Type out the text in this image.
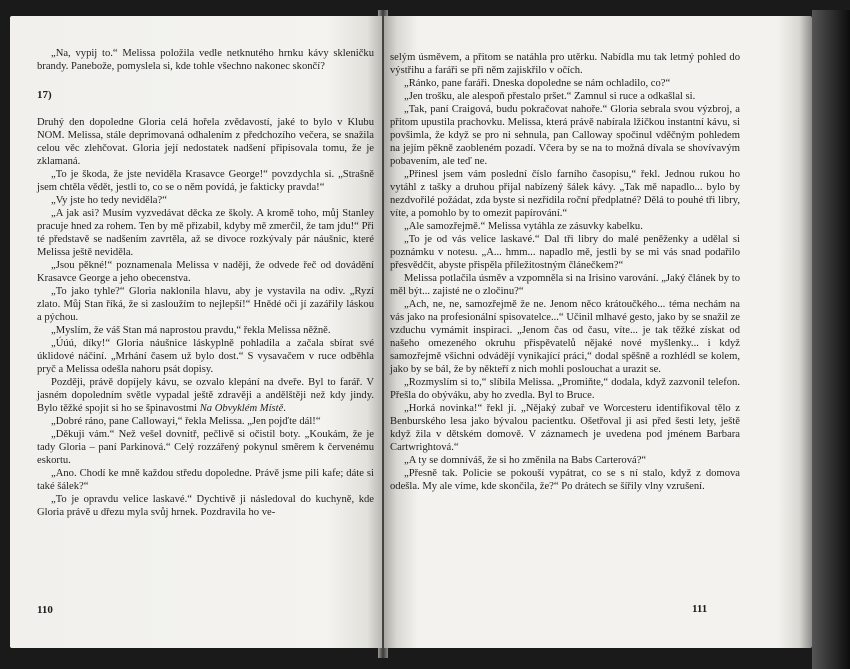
„Na, vypij to.“ Melissa položila vedle netknutého hrnku kávy skleničku brandy. Panebože, pomyslela si, kde tohle všechno nakonec skončí?

17)

Druhý den dopoledne Gloria celá hořela zvědavostí, jaké to bylo v Klubu NOM. Melissa, stále deprimovaná odhalením z předchozího večera, se snažila celou věc zlehčovat. Gloria její nedostatek nadšení připisovala tomu, že je zklamaná.

„To je škoda, že jste neviděla Krasavce George!“ povzdychla si. „Strašně jsem chtěla vědět, jestli to, co se o něm povídá, je fakticky pravda!“

„Vy jste ho tedy neviděla?“

„A jak asi? Musím vyzvedávat děcka ze školy. A kromě toho, můj Stanley pracuje hned za rohem. Ten by mě přizabil, kdyby mě zmerčil, že tam jdu!“ Při té představě se nadšením zavrtěla, až se divoce rozkývaly pár náušnic, které Melissa ještě neviděla.

„Jsou pěkné!“ poznamenala Melissa v naději, že odvede řeč od dovádění Krasavce George a jeho obecenstva.

„To jako tyhle?“ Gloria naklonila hlavu, aby je vystavila na odiv. „Ryzí zlato. Můj Stan říká, že si zasloužím to nejlepší!“ Hnědé oči jí zazářily láskou a pýchou.

„Myslím, že váš Stan má naprostou pravdu,“ řekla Melissa něžně.

„Úúú, díky!“ Gloria náušnice láskyplně pohladila a začala sbírat své úklidové náčiní. „Mrhání časem už bylo dost.“ S vysavačem v ruce odběhla pryč a Melissa odešla nahoru psát dopisy.

Později, právě dopíjely kávu, se ozvalo klepání na dveře. Byl to farář. V jasném dopoledním světle vypadal ještě zdravěji a andělštěji než kdy jindy. Bylo těžké spojit si ho se špinavostmi Na Obvyklém Místě.

„Dobré ráno, pane Callowayi,“ řekla Melissa. „Jen pojďte dál!“

„Děkuji vám.“ Než vešel dovnitř, pečlivě si očistil boty. „Koukám, že je tady Gloria – paní Parkinová.“ Celý rozzářený pokynul směrem k červenému eskortu.

„Ano. Chodí ke mně každou středu dopoledne. Právě jsme pili kafe; dáte si také šálek?“

„To je opravdu velice laskavé.“ Dychtivě ji následoval do kuchyně, kde Gloria právě u dřezu myla svůj hrnek. Pozdravila ho ve-

110

selým úsměvem, a přitom se natáhla pro utěrku. Nabídla mu tak letmý pohled do výstřihu a faráři se při něm zajiskřilo v očích.

„Ránko, pane faráři. Dneska dopoledne se nám ochladilo, co?“

„Jen trošku, ale alespoň přestalo pršet.“ Zamnul si ruce a odkašlal si.

„Tak, paní Craigová, budu pokračovat nahoře.“ Gloria sebrala svou výzbroj, a přitom upustila prachovku. Melissa, která právě nabírala lžičkou instantní kávu, si povšimla, že když se pro ni sehnula, pan Calloway spočinul vděčným pohledem na jejím pěkně zaobleném pozadí. Včera by se na to možná dívala se shovívavým pobavením, ale teď ne.

„Přinesl jsem vám poslední číslo farního časopisu,“ řekl. Jednou rukou ho vytáhl z tašky a druhou přijal nabízený šálek kávy. „Tak mě napadlo... bylo by nezdvořilé požádat, zda byste si nezřídila roční předplatné? Dělá to pouhé tři libry, víte, a pomohlo by to omezit papírování.“

„Ale samozřejmě.“ Melissa vytáhla ze zásuvky kabelku.

„To je od vás velice laskavé.“ Dal tři libry do malé peněženky a udělal si poznámku v notesu. „A... hmm... napadlo mě, jestli by se mi vás snad podařilo přesvědčit, abyste přispěla příležitostným článečkem?“

Melissa potlačila úsměv a vzpomněla si na Irisino varování. „Jaký článek by to měl být... zajisté ne o zločinu?“

„Ach, ne, ne, samozřejmě že ne. Jenom něco krátoučkého... téma nechám na vás jako na profesionální spisovatelce...“ Učinil mlhavé gesto, jako by se snažil ze vzduchu vymámit inspiraci. „Jenom čas od času, víte... je tak těžké získat od našeho omezeného okruhu přispěvatelů nějaké nové myšlenky... i když samozřejmě všichni odvádějí vynikající práci,“ dodal spěšně a rozhlédl se kolem, jako by se bál, že by někteří z nich mohli poslouchat a urazit se.

„Rozmyslím si to,“ slíbila Melissa. „Promiňte,“ dodala, když zazvonil telefon. Přešla do obýváku, aby ho zvedla. Byl to Bruce.

„Horká novinka!“ řekl jí. „Nějaký zubař ve Worcesteru identifikoval tělo z Benburského lesa jako bývalou pacientku. Ošetřoval ji asi před šesti lety, ještě když žila v dětském domově. V záznamech je uvedena pod jménem Barbara Cartwrightová.“

„A ty se domníváš, že si ho změnila na Babs Carterová?“

„Přesně tak. Policie se pokouší vypátrat, co se s ní stalo, když z domova odešla. My ale víme, kde skončila, že?“ Po drátech se šířily vlny vzrušení.

111
